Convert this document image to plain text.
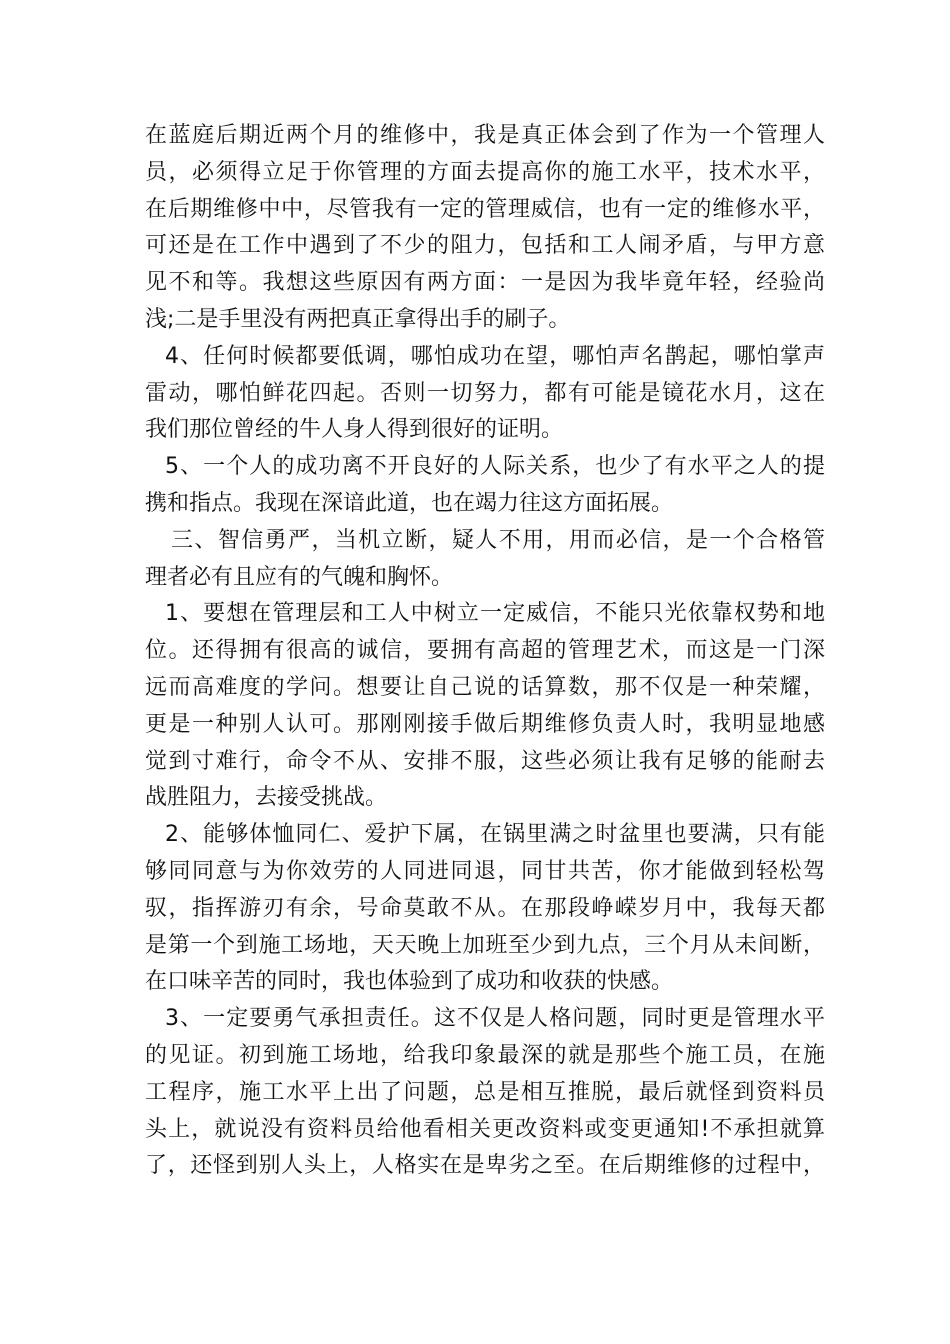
在蓝庭后期近两个月的维修中，我是真正体会到了作为一个管理人
员，必须得立足于你管理的方面去提高你的施工水平，技术水平，
在后期维修中中，尽管我有一定的管理威信，也有一定的维修水平，
可还是在工作中遇到了不少的阻力，包括和工人闹矛盾，与甲方意
见不和等。我想这些原因有两方面：一是因为我毕竟年轻，经验尚
浅;二是手里没有两把真正拿得出手的刷子。
4、任何时候都要低调，哪怕成功在望，哪怕声名鹊起，哪怕掌声
雷动，哪怕鲜花四起。否则一切努力，都有可能是镜花水月，这在
我们那位曾经的牛人身人得到很好的证明。
5、一个人的成功离不开良好的人际关系，也少了有水平之人的提
携和指点。我现在深谙此道，也在竭力往这方面拓展。
三、智信勇严，当机立断，疑人不用，用而必信，是一个合格管
理者必有且应有的气魄和胸怀。
1、要想在管理层和工人中树立一定威信，不能只光依靠权势和地
位。还得拥有很高的诚信，要拥有高超的管理艺术，而这是一门深
远而高难度的学问。想要让自己说的话算数，那不仅是一种荣耀，
更是一种别人认可。那刚刚接手做后期维修负责人时，我明显地感
觉到寸难行，命令不从、安排不服，这些必须让我有足够的能耐去
战胜阻力，去接受挑战。
2、能够体恤同仁、爱护下属，在锅里满之时盆里也要满，只有能
够同同意与为你效劳的人同进同退，同甘共苦，你才能做到轻松驾
驭，指挥游刃有余，号命莫敢不从。在那段峥嵘岁月中，我每天都
是第一个到施工场地，天天晚上加班至少到九点，三个月从未间断，
在口味辛苦的同时，我也体验到了成功和收获的快感。
3、一定要勇气承担责任。这不仅是人格问题，同时更是管理水平
的见证。初到施工场地，给我印象最深的就是那些个施工员，在施
工程序，施工水平上出了问题，总是相互推脱，最后就怪到资料员
头上，就说没有资料员给他看相关更改资料或变更通知!不承担就算
了，还怪到别人头上，人格实在是卑劣之至。在后期维修的过程中，
